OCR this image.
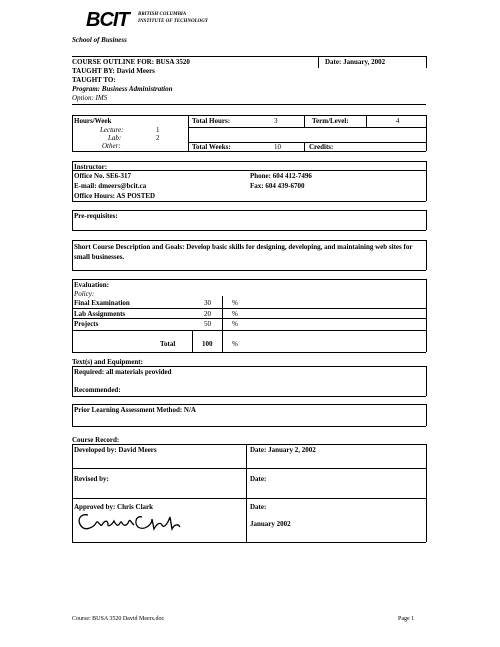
BCIT BRITISH COLUMBIA
INSTITUTE OF TECHNOLOGY
School of Business
COURSE OUTLINE FOR: BUSA 3520	Date: January, 2002
TAUGHT BY: David Meers
TAUGHT TO:
Program: Business Administration
Option: IMS
Hours/Week
Lecture:	1
Lab:	2
Other:
Total Hours:	3	Term/Level:	4
Total Weeks:	10	Credits:
Instructor:
Office No. SE6-317	Phone: 604 412-7496
E-mail: dmeers@bcit.ca	Fax: 604 439-6700
Office Hours: AS POSTED
Pre-requisites:
Short Course Description and Goals: Develop basic skills for designing, developing, and maintaining web sites for small businesses.
Evaluation:
Policy:
Final Examination	30	%
Lab Assignments	20	%
Projects	50	%
Total	100	%
Text(s) and Equipment:
Required: all materials provided
Recommended:
Prior Learning Assessment Method: N/A
Course Record:
Developed by: David Meers	Date: January 2, 2002
Revised by:	Date:
Approved by: Chris Clark	Date:
January 2002
Course: BUSA 3520 David Meers.doc	Page 1
